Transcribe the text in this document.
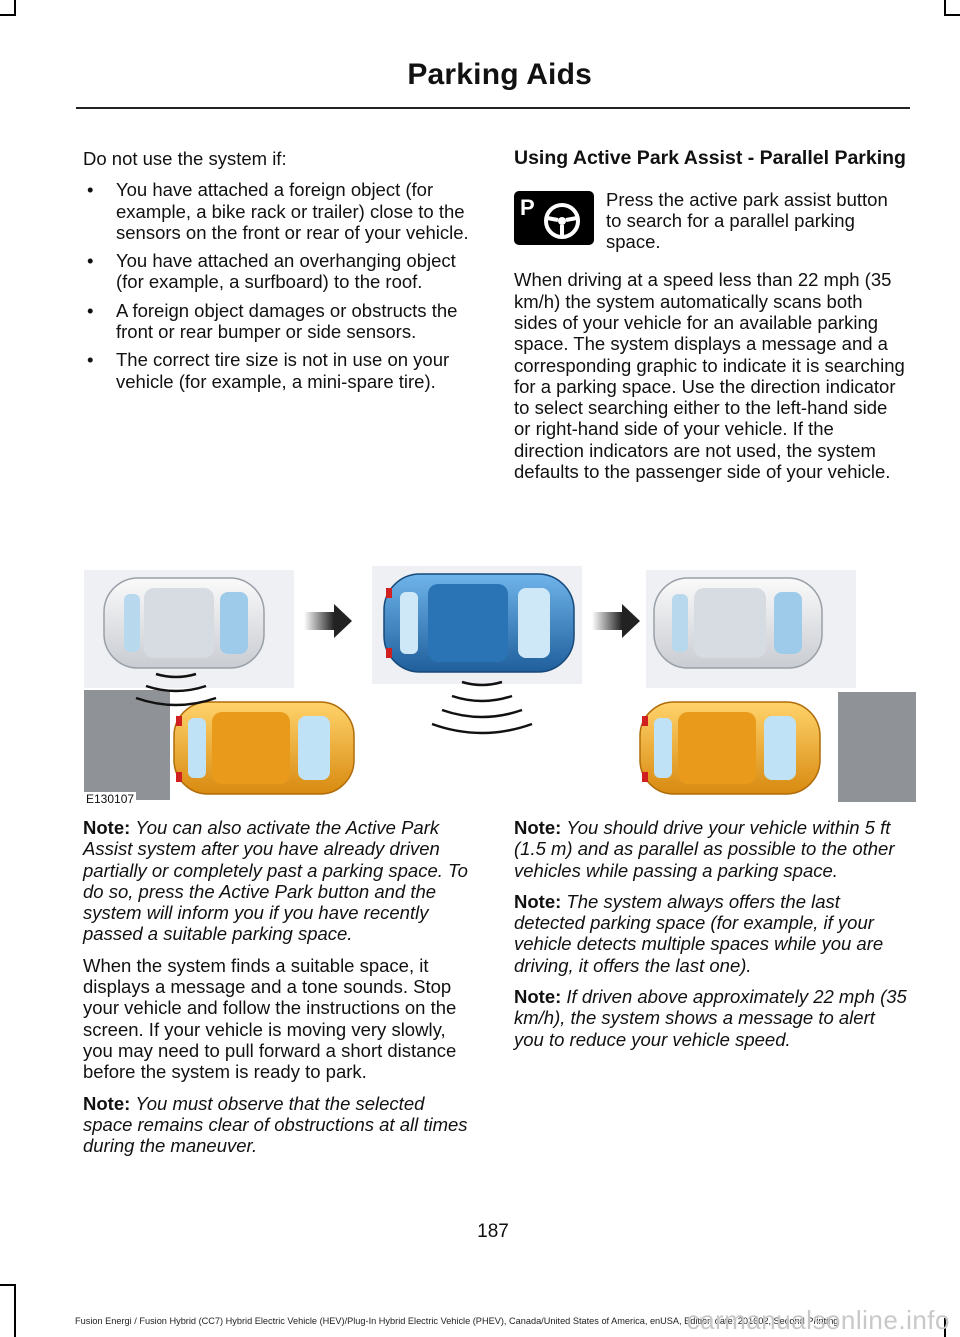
Parking Aids

Do not use the system if:

• You have attached a foreign object (for example, a bike rack or trailer) close to the sensors on the front or rear of your vehicle.
• You have attached an overhanging object (for example, a surfboard) to the roof.
• A foreign object damages or obstructs the front or rear bumper or side sensors.
• The correct tire size is not in use on your vehicle (for example, a mini-spare tire).

Note: You can also activate the Active Park Assist system after you have already driven partially or completely past a parking space. To do so, press the Active Park button and the system will inform you if you have recently passed a suitable parking space.

When the system finds a suitable space, it displays a message and a tone sounds. Stop your vehicle and follow the instructions on the screen. If your vehicle is moving very slowly, you may need to pull forward a short distance before the system is ready to park.

Note: You must observe that the selected space remains clear of obstructions at all times during the maneuver.

Using Active Park Assist - Parallel Parking
P	Press the active park assist button to search for a parallel parking space.

When driving at a speed less than 22 mph (35 km/h) the system automatically scans both sides of your vehicle for an available parking space. The system displays a message and a corresponding graphic to indicate it is searching for a parking space. Use the direction indicator to select searching either to the left-hand side or right-hand side of your vehicle. If the direction indicators are not used, the system defaults to the passenger side of your vehicle.

Note: You should drive your vehicle within 5 ft (1.5 m) and as parallel as possible to the other vehicles while passing a parking space.

Note: The system always offers the last detected parking space (for example, if your vehicle detects multiple spaces while you are driving, it offers the last one).

Note: If driven above approximately 22 mph (35 km/h), the system shows a message to alert you to reduce your vehicle speed.

E130107
187
Fusion Energi / Fusion Hybrid (CC7) Hybrid Electric Vehicle (HEV)/Plug-In Hybrid Electric Vehicle (PHEV), Canada/United States of America, enUSA, Edition date: 201602, Second Printing
carmanualsonline.info
